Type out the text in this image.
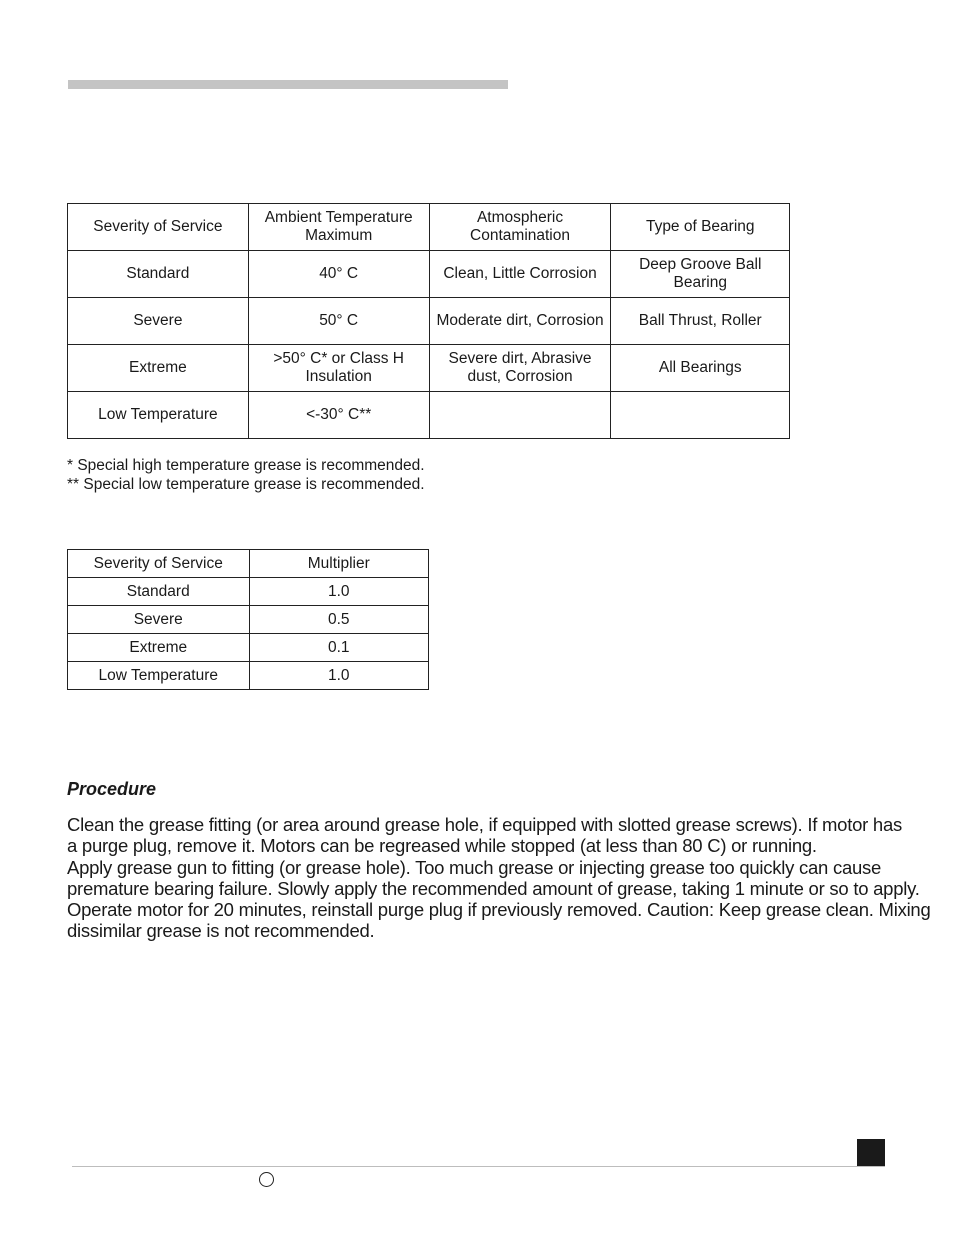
Severity of Service	Ambient Temperature Maximum	Atmospheric Contamination	Type of Bearing
Standard	40° C	Clean, Little Corrosion	Deep Groove Ball Bearing
Severe	50° C	Moderate dirt, Corrosion	Ball Thrust, Roller
Extreme	>50° C* or Class H Insulation	Severe dirt, Abrasive dust, Corrosion	All Bearings
Low Temperature	<-30° C**		
* Special high temperature grease is recommended.
** Special low temperature grease is recommended.
Severity of Service	Multiplier
Standard	1.0
Severe	0.5
Extreme	0.1
Low Temperature	1.0
Procedure
Clean the grease fitting (or area around grease hole, if equipped with slotted grease screws). If motor has
a purge plug, remove it. Motors can be regreased while stopped (at less than 80 C) or running.
Apply grease gun to fitting (or grease hole). Too much grease or injecting grease too quickly can cause
premature bearing failure. Slowly apply the recommended amount of grease, taking 1 minute or so to apply.
Operate motor for 20 minutes, reinstall purge plug if previously removed. Caution: Keep grease clean. Mixing
dissimilar grease is not recommended.
